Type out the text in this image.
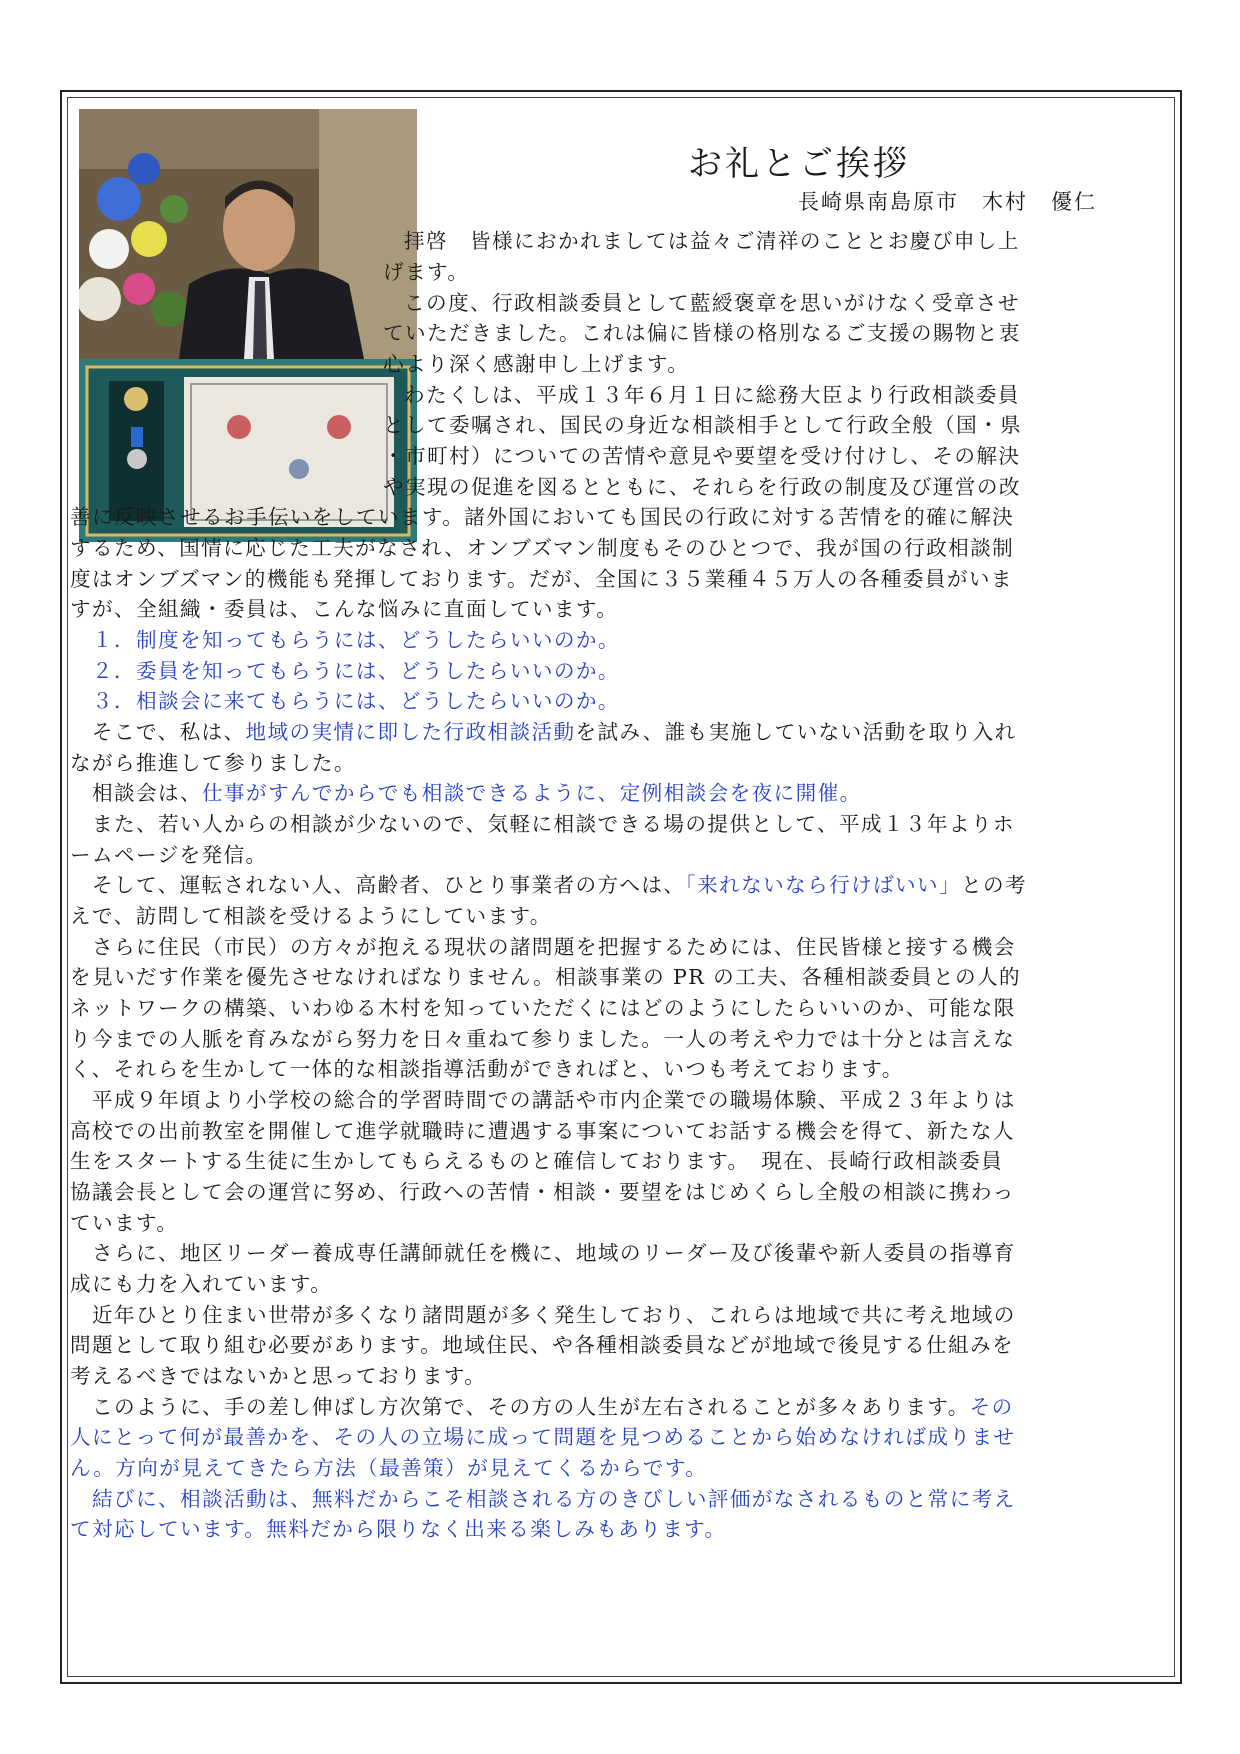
お礼とご挨拶
長崎県南島原市　木村　優仁
拝啓　皆様におかれましては益々ご清祥のこととお慶び申し上
げます。
この度、行政相談委員として藍綬褒章を思いがけなく受章させ
ていただきました。これは偏に皆様の格別なるご支援の賜物と衷
心より深く感謝申し上げます。
わたくしは、平成１３年６月１日に総務大臣より行政相談委員
として委嘱され、国民の身近な相談相手として行政全般（国・県
・市町村）についての苦情や意見や要望を受け付けし、その解決
や実現の促進を図るとともに、それらを行政の制度及び運営の改
善に反映させるお手伝いをしています。諸外国においても国民の行政に対する苦情を的確に解決
するため、国情に応じた工夫がなされ、オンブズマン制度もそのひとつで、我が国の行政相談制
度はオンブズマン的機能も発揮しております。だが、全国に３５業種４５万人の各種委員がいま
すが、全組織・委員は、こんな悩みに直面しています。
１．制度を知ってもらうには、どうしたらいいのか。
２．委員を知ってもらうには、どうしたらいいのか。
３．相談会に来てもらうには、どうしたらいいのか。
そこで、私は、地域の実情に即した行政相談活動を試み、誰も実施していない活動を取り入れ
ながら推進して参りました。
相談会は、仕事がすんでからでも相談できるように、定例相談会を夜に開催。
また、若い人からの相談が少ないので、気軽に相談できる場の提供として、平成１３年よりホ
ームページを発信。
そして、運転されない人、高齢者、ひとり事業者の方へは、「来れないなら行けばいい」との考
えで、訪問して相談を受けるようにしています。
さらに住民（市民）の方々が抱える現状の諸問題を把握するためには、住民皆様と接する機会
を見いだす作業を優先させなければなりません。相談事業の PR の工夫、各種相談委員との人的
ネットワークの構築、いわゆる木村を知っていただくにはどのようにしたらいいのか、可能な限
り今までの人脈を育みながら努力を日々重ねて参りました。一人の考えや力では十分とは言えな
く、それらを生かして一体的な相談指導活動ができればと、いつも考えております。
平成９年頃より小学校の総合的学習時間での講話や市内企業での職場体験、平成２３年よりは
高校での出前教室を開催して進学就職時に遭遇する事案についてお話する機会を得て、新たな人
生をスタートする生徒に生かしてもらえるものと確信しております。　現在、長崎行政相談委員
協議会長として会の運営に努め、行政への苦情・相談・要望をはじめくらし全般の相談に携わっ
ています。
さらに、地区リーダー養成専任講師就任を機に、地域のリーダー及び後輩や新人委員の指導育
成にも力を入れています。
近年ひとり住まい世帯が多くなり諸問題が多く発生しており、これらは地域で共に考え地域の
問題として取り組む必要があります。地域住民、や各種相談委員などが地域で後見する仕組みを
考えるべきではないかと思っております。
このように、手の差し伸ばし方次第で、その方の人生が左右されることが多々あります。その
人にとって何が最善かを、その人の立場に成って問題を見つめることから始めなければ成りませ
ん。方向が見えてきたら方法（最善策）が見えてくるからです。
結びに、相談活動は、無料だからこそ相談される方のきびしい評価がなされるものと常に考え
て対応しています。無料だから限りなく出来る楽しみもあります。
